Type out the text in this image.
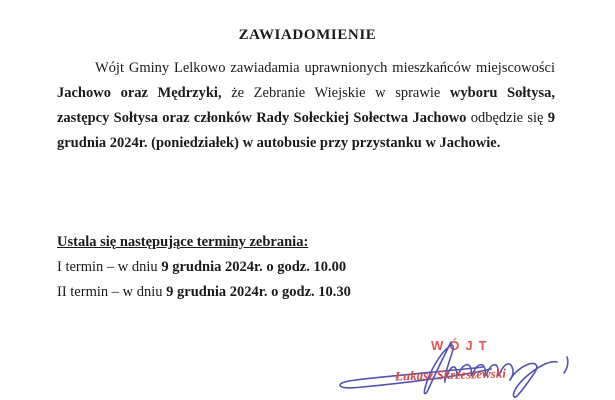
ZAWIADOMIENIE

Wójt Gminy Lelkowo zawiadamia uprawnionych mieszkańców miejscowości Jachowo oraz Mędrzyki, że Zebranie Wiejskie w sprawie wyboru Sołtysa, zastępcy Sołtysa oraz członków Rady Sołeckiej Sołectwa Jachowo odbędzie się 9 grudnia 2024r. (poniedziałek) w autobusie przy przystanku w Jachowie.

Ustala się następujące terminy zebrania:
I termin – w dniu 9 grudnia 2024r. o godz. 10.00
II termin – w dniu 9 grudnia 2024r. o godz. 10.30
WÓJT
Łukasz Skrzeszewski
